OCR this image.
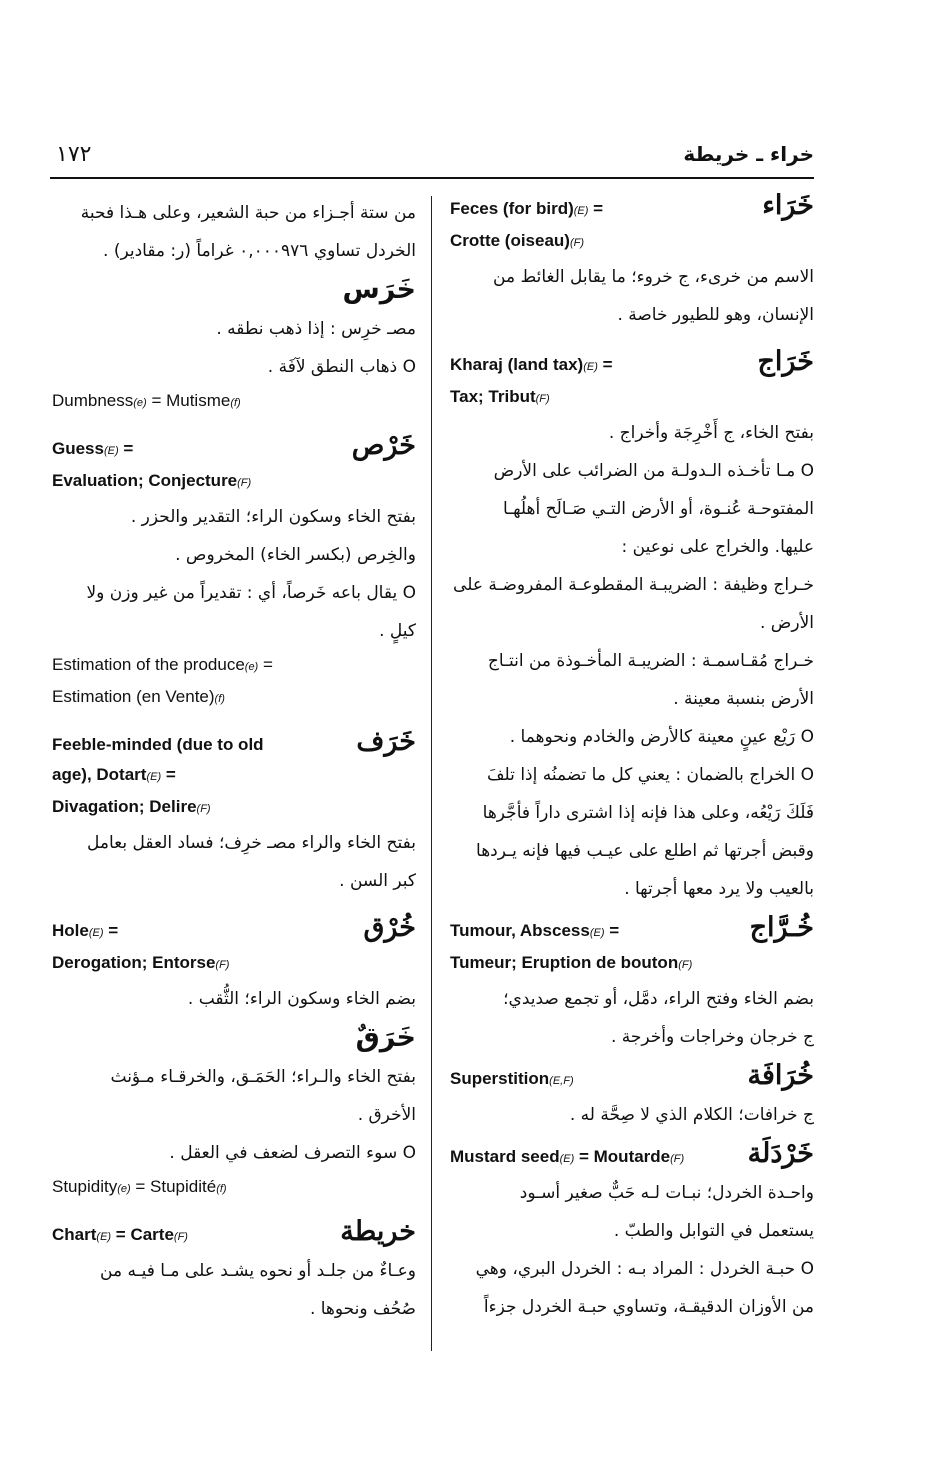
١٧٢	خراء ـ خريطة
خَرَاء
Feces (for bird)(E) =
Crotte (oiseau)(F)
الاسم من خرىء، ج خروء؛ ما يقابل الغائط من
الإنسان، وهو للطيور خاصة .
خَرَاج
Kharaj (land tax)(E) =
Tax; Tribut(F)
بفتح الخاء، ج أَخْرِجَة وأخراج .
O مـا تأخـذه الـدولـة من الضرائب على الأرض
المفتوحـة عُنـوة، أو الأرض التـي صَـالَح أهلُهـا
عليها. والخراج على نوعين :
خـراج وظيفة : الضريبـة المقطوعـة المفروضـة على
الأرض .
خـراج مُقـاسمـة : الضريبـة المأخـوذة من انتـاج
الأرض بنسبة معينة .
O رَيْع عينٍ معينة كالأرض والخادم ونحوهما .
O الخراج بالضمان : يعني كل ما تضمنُه إذا تلفَ
فَلَكَ رَيْعُه، وعلى هذا فإنه إذا اشترى داراً فأجَّرها
وقبض أجرتها ثم اطلع على عيـب فيها فإنه يـردها
بالعيب ولا يرد معها أجرتها .
خُـرَّاج
Tumour, Abscess(E) =
Tumeur; Eruption de bouton(F)
بضم الخاء وفتح الراء، دمَّل، أو تجمع صديدي؛
ج خرجان وخراجات وأخرجة .
خُرَافَة
Superstition(E,F)
ج خرافات؛ الكلام الذي لا صِحَّة له .
خَرْدَلَة
Mustard seed(E) = Moutarde(F)
واحـدة الخردل؛ نبـات لـه حَبٌّ صغير أسـود
يستعمل في التوابل والطبّ .
O حبـة الخردل : المراد بـه : الخردل البري، وهي
من الأوزان الدقيقـة، وتساوي حبـة الخردل جزءاً
من ستة أجـزاء من حبة الشعير، وعلى هـذا فحبة
الخردل تساوي ٠,٠٠٠٩٧٦ غراماً (ر: مقادير) .
خَرَس
مصـ خرِس : إذا ذهب نطقه .
O ذهاب النطق لآفَة .
Dumbness(e) = Mutisme(f)
خَرْص
Guess(E) =
Evaluation; Conjecture(F)
بفتح الخاء وسكون الراء؛ التقدير والحزر .
والخِرص (بكسر الخاء) المخروص .
O يقال باعه خَرصاً، أي : تقديراً من غير وزن ولا
كيلٍ .
Estimation of the produce(e) =
Estimation (en Vente)(f)
خَرَف
Feeble-minded (due to old
age), Dotart(E) =
Divagation; Delire(F)
بفتح الخاء والراء مصـ خرِف؛ فساد العقل بعامل
كبر السن .
خُرْق
Hole(E) =
Derogation; Entorse(F)
بضم الخاء وسكون الراء؛ الثُّقب .
خَرَقٌ
بفتح الخاء والـراء؛ الحَمَـق، والخرقـاء مـؤنث
الأخرق .
O سوء التصرف لضعف في العقل .
Stupidity(e) = Stupidité(f)
خريطة
Chart(E) = Carte(F)
وعـاءٌ من جلـد أو نحوه يشـد على مـا فيـه من
صُحُف ونحوها .
